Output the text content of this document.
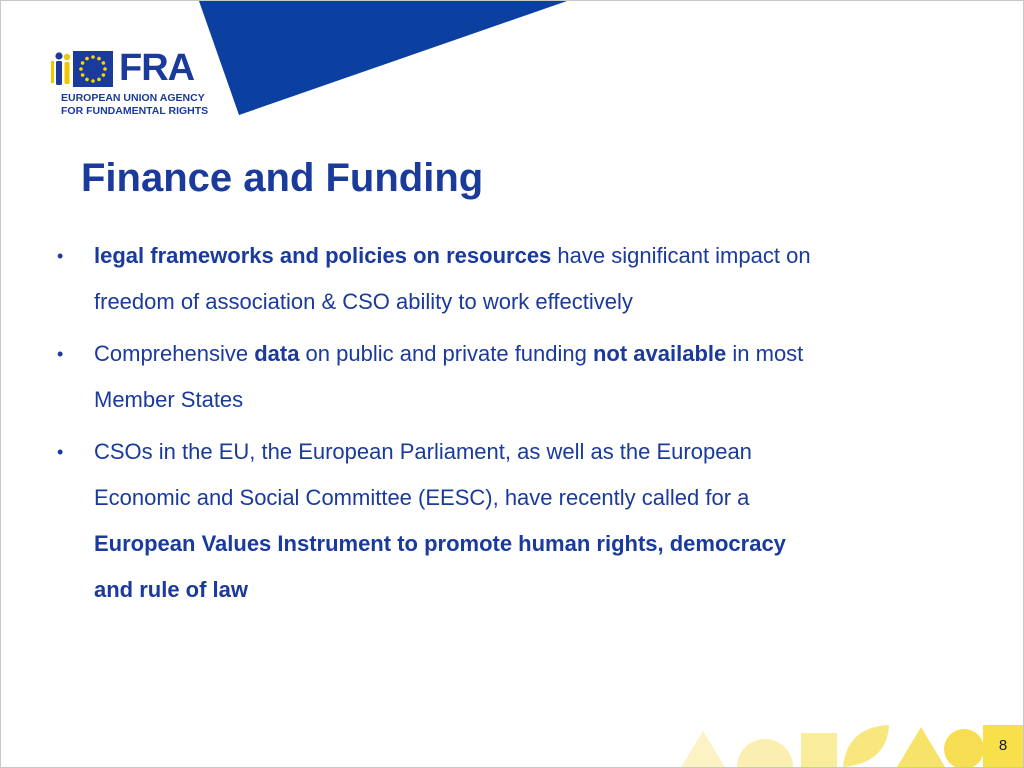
FRA
EUROPEAN UNION AGENCY
FOR FUNDAMENTAL RIGHTS
Finance and Funding
• legal frameworks and policies on resources have significant impact on freedom of association & CSO ability to work effectively
• Comprehensive data on public and private funding not available in most Member States
• CSOs in the EU, the European Parliament, as well as the European Economic and Social Committee (EESC), have recently called for a European Values Instrument to promote human rights, democracy and rule of law
8
